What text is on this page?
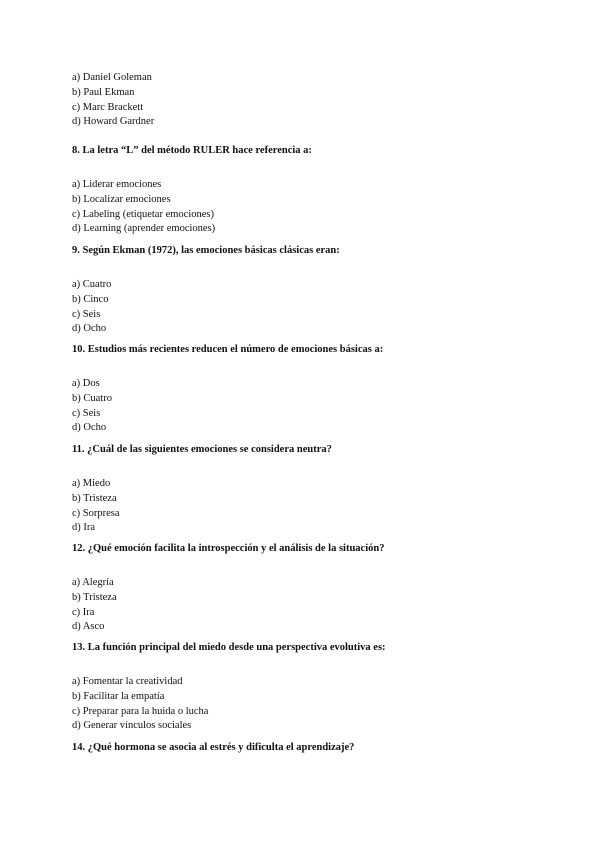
a) Daniel Goleman
b) Paul Ekman
c) Marc Brackett
d) Howard Gardner
8. La letra “L” del método RULER hace referencia a:
a) Liderar emociones
b) Localizar emociones
c) Labeling (etiquetar emociones)
d) Learning (aprender emociones)
9. Según Ekman (1972), las emociones básicas clásicas eran:
a) Cuatro
b) Cinco
c) Seis
d) Ocho
10. Estudios más recientes reducen el número de emociones básicas a:
a) Dos
b) Cuatro
c) Seis
d) Ocho
11. ¿Cuál de las siguientes emociones se considera neutra?
a) Miedo
b) Tristeza
c) Sorpresa
d) Ira
12. ¿Qué emoción facilita la introspección y el análisis de la situación?
a) Alegría
b) Tristeza
c) Ira
d) Asco
13. La función principal del miedo desde una perspectiva evolutiva es:
a) Fomentar la creatividad
b) Facilitar la empatía
c) Preparar para la huida o lucha
d) Generar vínculos sociales
14. ¿Qué hormona se asocia al estrés y dificulta el aprendizaje?
